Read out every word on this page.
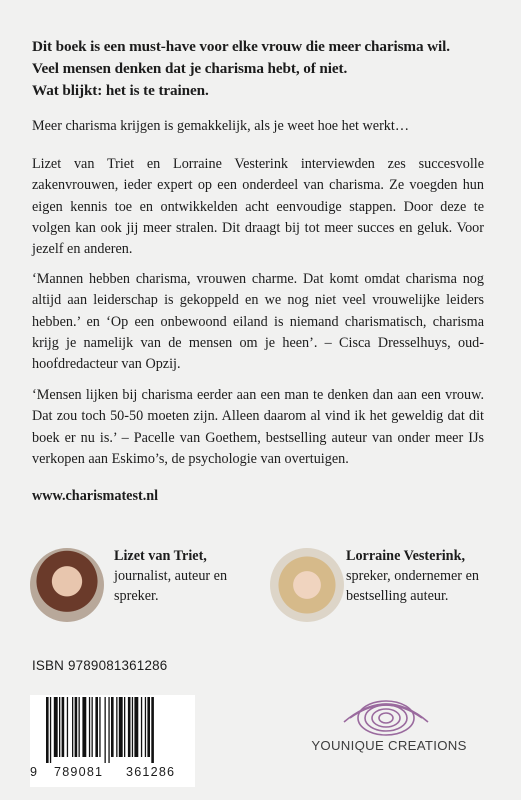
Dit boek is een must-have voor elke vrouw die meer charisma wil.
Veel mensen denken dat je charisma hebt, of niet.
Wat blijkt: het is te trainen.
Meer charisma krijgen is gemakkelijk, als je weet hoe het werkt…
Lizet van Triet en Lorraine Vesterink interviewden zes succesvolle zakenvrouwen, ieder expert op een onderdeel van charisma. Ze voegden hun eigen kennis toe en ontwikkelden acht eenvoudige stappen. Door deze te volgen kan ook jij meer stralen. Dit draagt bij tot meer succes en geluk. Voor jezelf en anderen.
‘Mannen hebben charisma, vrouwen charme. Dat komt omdat charisma nog altijd aan leiderschap is gekoppeld en we nog niet veel vrouwelijke leiders hebben.’ en ‘Op een onbewoond eiland is niemand charismatisch, charisma krijg je namelijk van de mensen om je heen’. – Cisca Dresselhuys, oud-hoofdredacteur van Opzij.
‘Mensen lijken bij charisma eerder aan een man te denken dan aan een vrouw. Dat zou toch 50-50 moeten zijn. Alleen daarom al vind ik het geweldig dat dit boek er nu is.’ – Pacelle van Goethem, bestselling auteur van onder meer IJs verkopen aan Eskimo’s, de psychologie van overtuigen.
www.charismatest.nl
Lizet van Triet,
journalist, auteur en
spreker.
Lorraine Vesterink,
spreker, ondernemer en
bestselling auteur.
ISBN 9789081361286
9 789081 361286
YOUNIQUE CREATIONS
